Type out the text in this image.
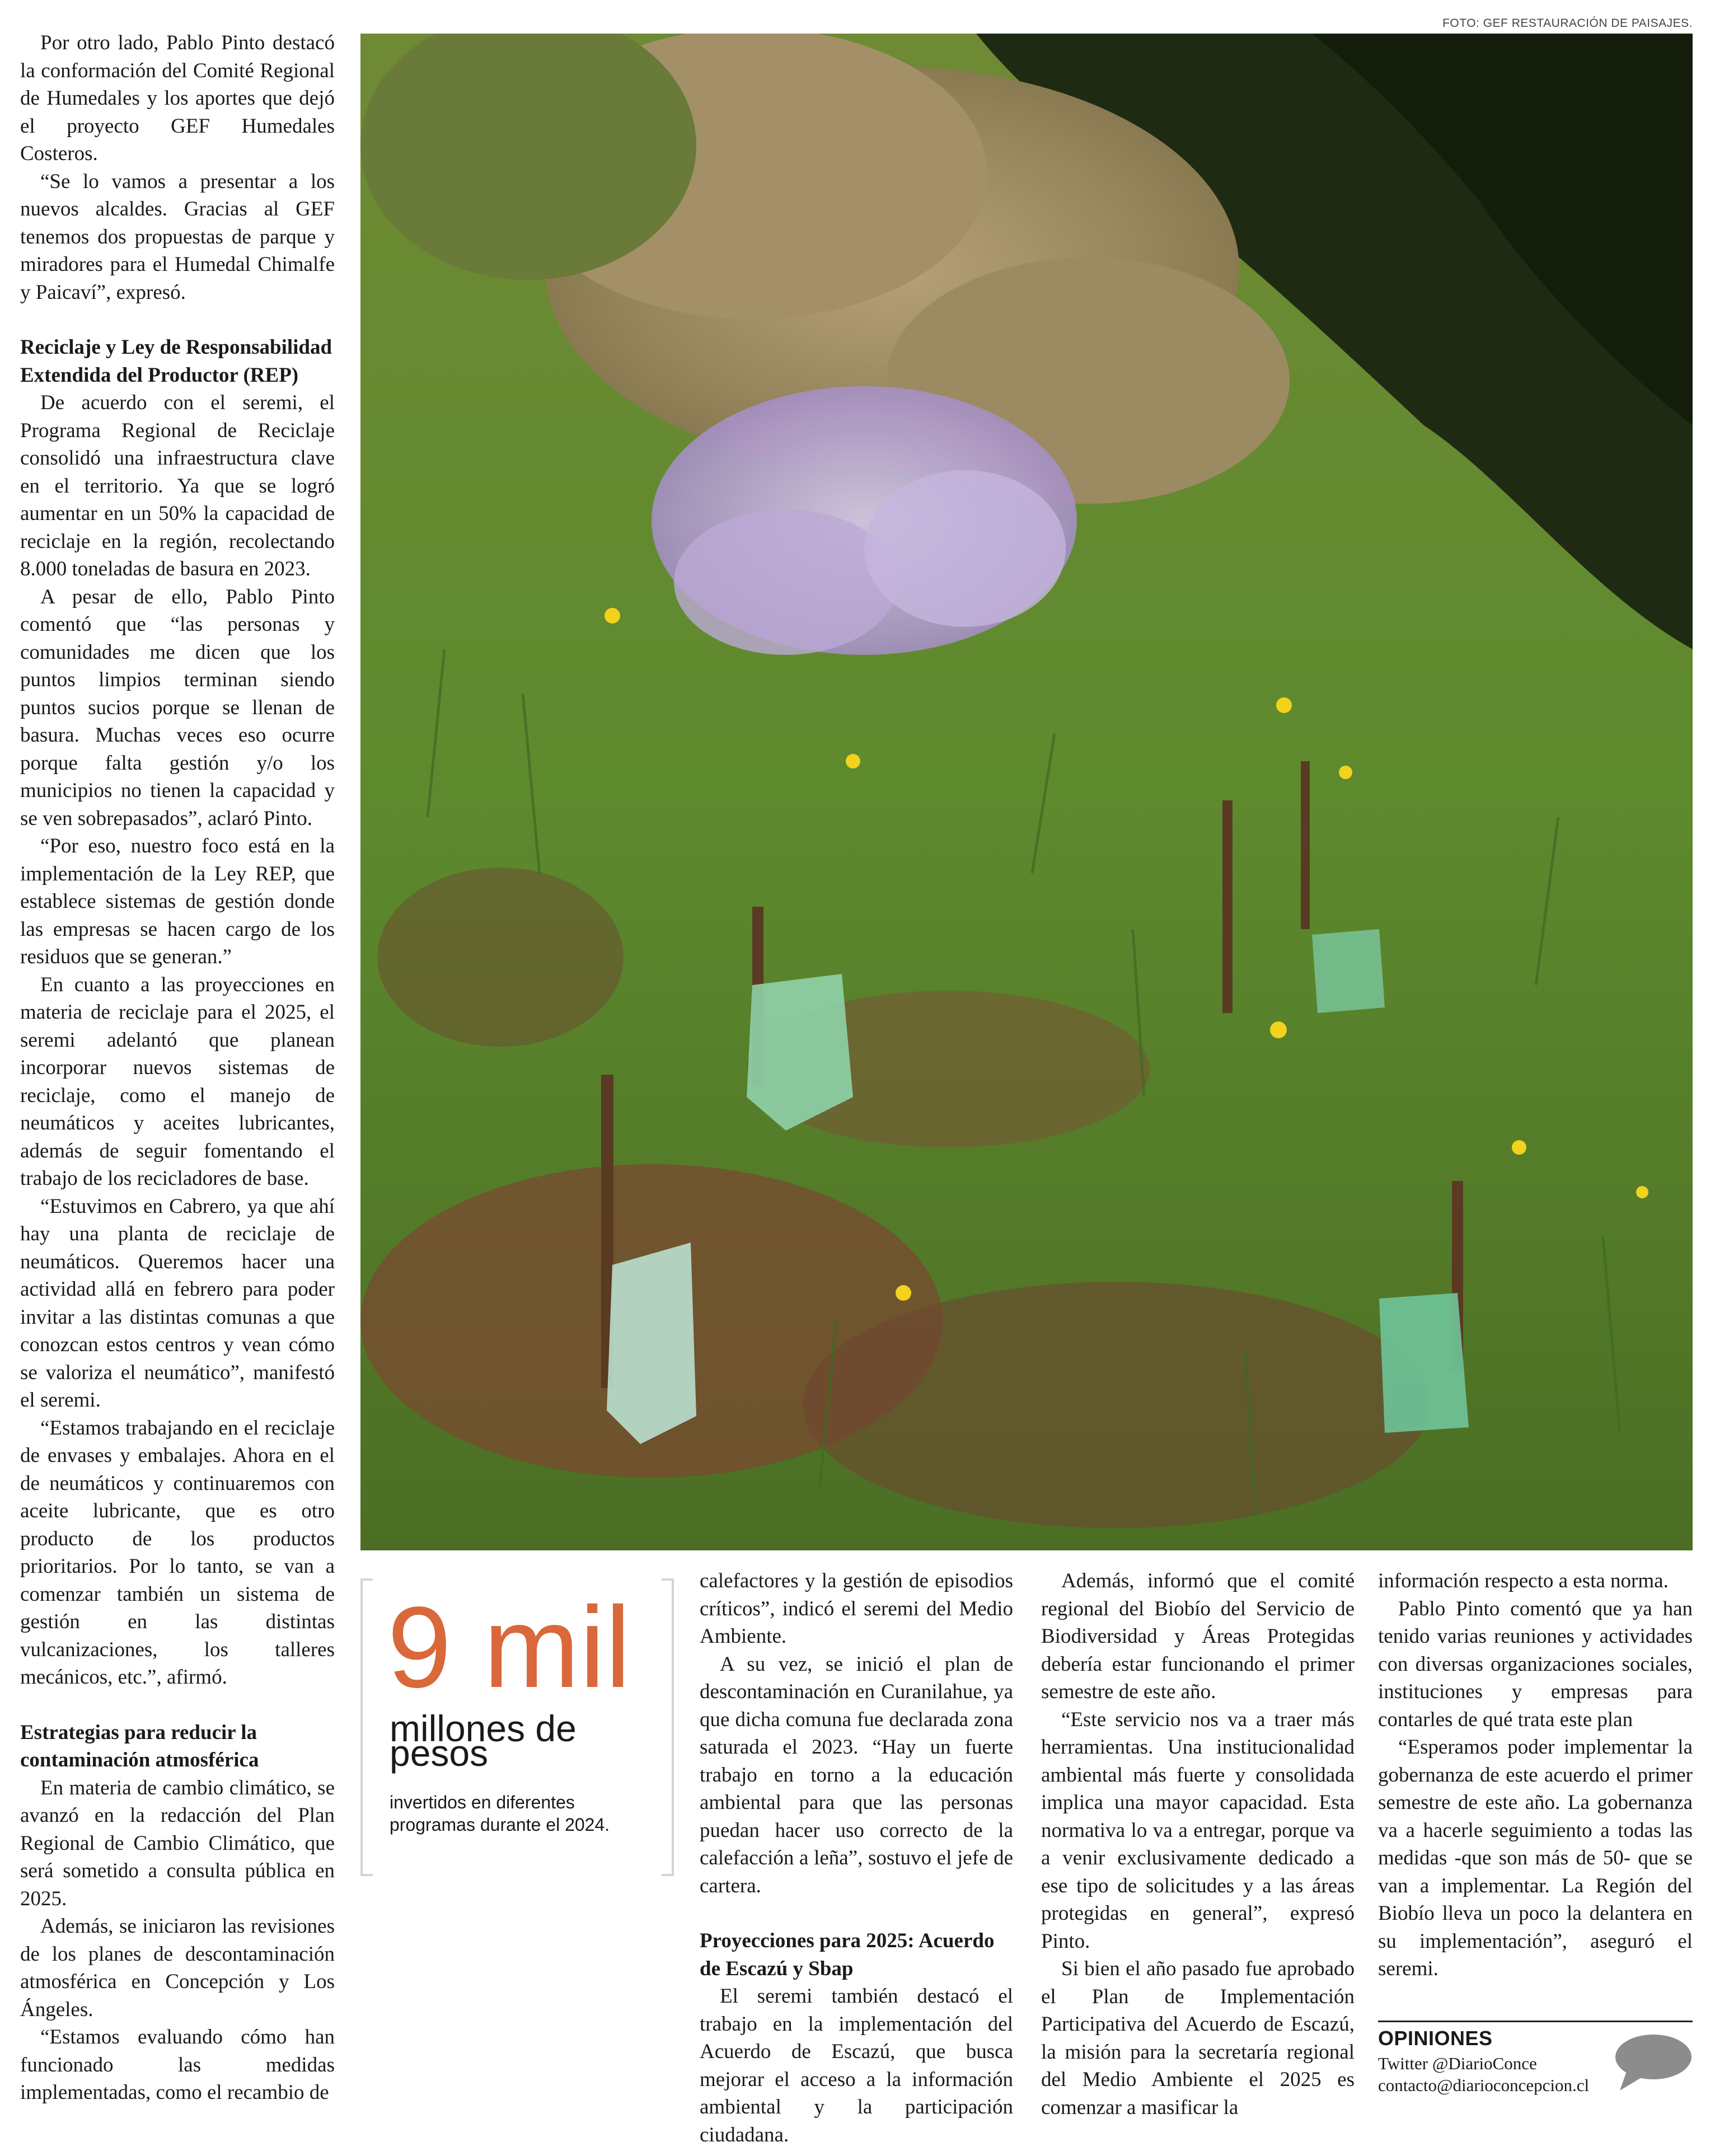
FOTO: GEF RESTAURACIÓN DE PAISAJES.

Por otro lado, Pablo Pinto destacó la conformación del Comité Regional de Humedales y los aportes que dejó el proyecto GEF Humedales Costeros.

“Se lo vamos a presentar a los nuevos alcaldes. Gracias al GEF tenemos dos propuestas de parque y miradores para el Humedal Chimalfe y Paicaví”, expresó.

Reciclaje y Ley de Responsabilidad Extendida del Productor (REP)

De acuerdo con el seremi, el Programa Regional de Reciclaje consolidó una infraestructura clave en el territorio. Ya que se logró aumentar en un 50% la capacidad de reciclaje en la región, recolectando 8.000 toneladas de basura en 2023.

A pesar de ello, Pablo Pinto comentó que “las personas y comunidades me dicen que los puntos limpios terminan siendo puntos sucios porque se llenan de basura. Muchas veces eso ocurre porque falta gestión y/o los municipios no tienen la capacidad y se ven sobrepasados”, aclaró Pinto.

“Por eso, nuestro foco está en la implementación de la Ley REP, que establece sistemas de gestión donde las empresas se hacen cargo de los residuos que se generan.”

En cuanto a las proyecciones en materia de reciclaje para el 2025, el seremi adelantó que planean incorporar nuevos sistemas de reciclaje, como el manejo de neumáticos y aceites lubricantes, además de seguir fomentando el trabajo de los recicladores de base.

“Estuvimos en Cabrero, ya que ahí hay una planta de reciclaje de neumáticos. Queremos hacer una actividad allá en febrero para poder invitar a las distintas comunas a que conozcan estos centros y vean cómo se valoriza el neumático”, manifestó el seremi.

“Estamos trabajando en el reciclaje de envases y embalajes. Ahora en el de neumáticos y continuaremos con aceite lubricante, que es otro producto de los productos prioritarios. Por lo tanto, se van a comenzar también un sistema de gestión en las distintas vulcanizaciones, los talleres mecánicos, etc.”, afirmó.

Estrategias para reducir la contaminación atmosférica

En materia de cambio climático, se avanzó en la redacción del Plan Regional de Cambio Climático, que será sometido a consulta pública en 2025.

Además, se iniciaron las revisiones de los planes de descontaminación atmosférica en Concepción y Los Ángeles.

“Estamos evaluando cómo han funcionado las medidas implementadas, como el recambio de

9 mil
millones de pesos
invertidos en diferentes programas durante el 2024.

calefactores y la gestión de episodios críticos”, indicó el seremi del Medio Ambiente.

A su vez, se inició el plan de descontaminación en Curanilahue, ya que dicha comuna fue declarada zona saturada el 2023. “Hay un fuerte trabajo en torno a la educación ambiental para que las personas puedan hacer uso correcto de la calefacción a leña”, sostuvo el jefe de cartera.

Proyecciones para 2025: Acuerdo de Escazú y Sbap

El seremi también destacó el trabajo en la implementación del Acuerdo de Escazú, que busca mejorar el acceso a la información ambiental y la participación ciudadana.

Además, informó que el comité regional del Biobío del Servicio de Biodiversidad y Áreas Protegidas debería estar funcionando el primer semestre de este año.

“Este servicio nos va a traer más herramientas. Una institucionalidad ambiental más fuerte y consolidada implica una mayor capacidad. Esta normativa lo va a entregar, porque va a venir exclusivamente dedicado a ese tipo de solicitudes y a las áreas protegidas en general”, expresó Pinto.

Si bien el año pasado fue aprobado el Plan de Implementación Participativa del Acuerdo de Escazú, la misión para la secretaría regional del Medio Ambiente el 2025 es comenzar a masificar la

información respecto a esta norma.

Pablo Pinto comentó que ya han tenido varias reuniones y actividades con diversas organizaciones sociales, instituciones y empresas para contarles de qué trata este plan

“Esperamos poder implementar la gobernanza de este acuerdo el primer semestre de este año. La gobernanza va a hacerle seguimiento a todas las medidas -que son más de 50- que se van a implementar. La Región del Biobío lleva un poco la delantera en su implementación”, aseguró el seremi.

OPINIONES
Twitter @DiarioConce
contacto@diarioconcepcion.cl
